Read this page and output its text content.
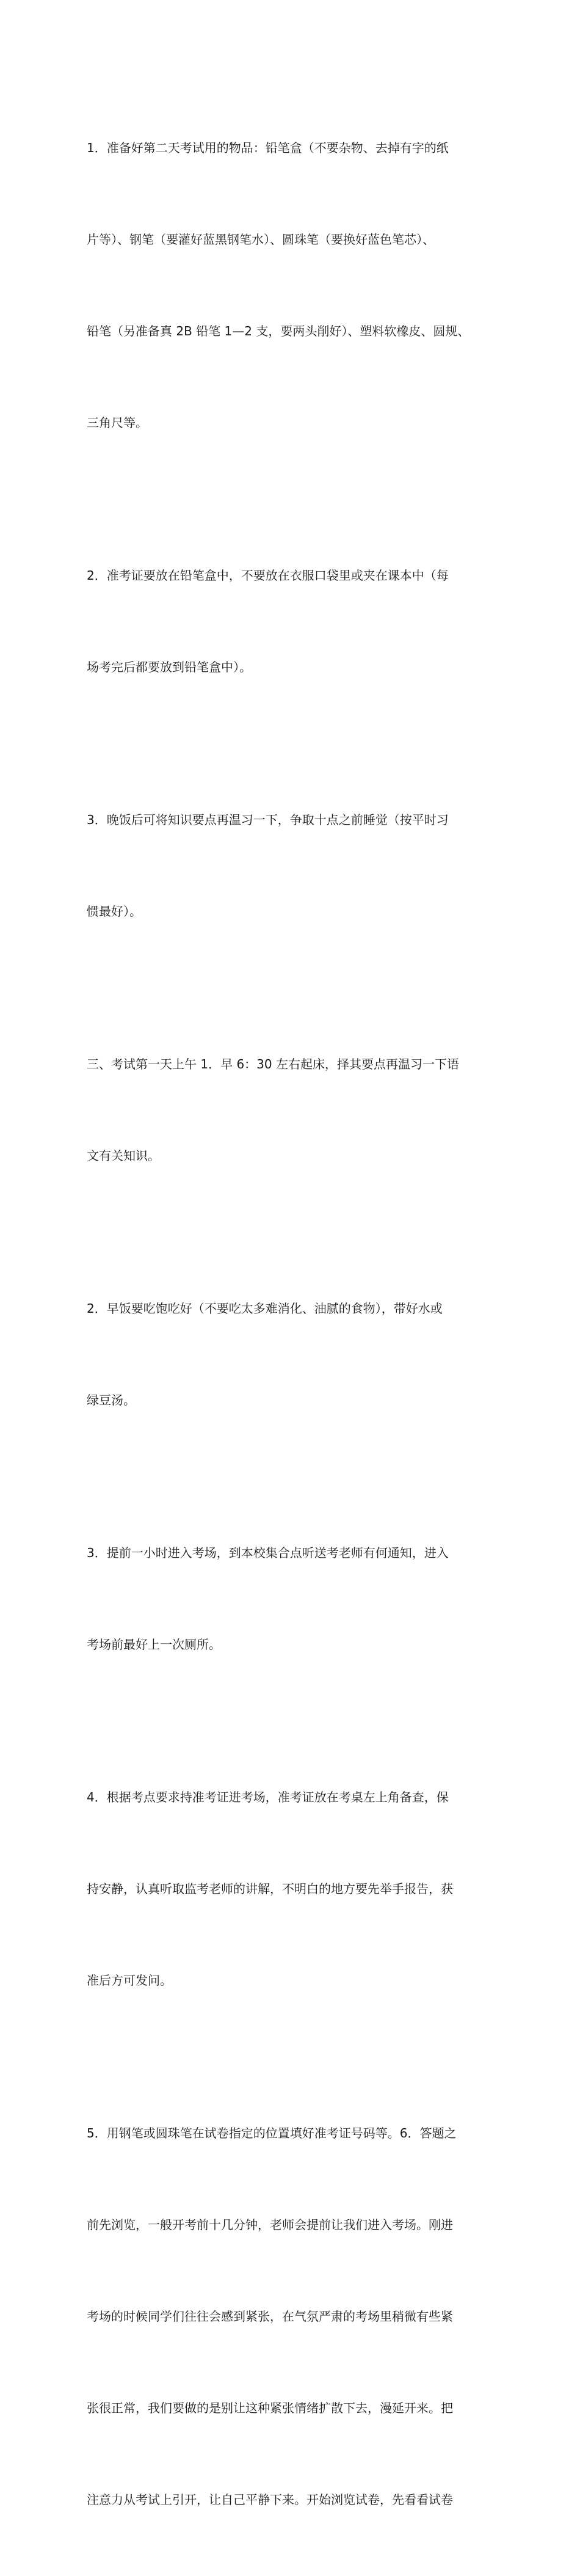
1．准备好第二天考试用的物品：铅笔盒（不要杂物、去掉有字的纸

片等）、钢笔（要灌好蓝黑钢笔水）、圆珠笔（要换好蓝色笔芯）、

铅笔（另准备真 2B 铅笔 1—2 支，要两头削好）、塑料软橡皮、圆规、

三角尺等。

2．准考证要放在铅笔盒中，不要放在衣服口袋里或夹在课本中（每

场考完后都要放到铅笔盒中）。

3．晚饭后可将知识要点再温习一下，争取十点之前睡觉（按平时习

惯最好）。

三、考试第一天上午 1．早 6：30 左右起床，择其要点再温习一下语

文有关知识。

2．早饭要吃饱吃好（不要吃太多难消化、油腻的食物），带好水或

绿豆汤。

3．提前一小时进入考场，到本校集合点听送考老师有何通知，进入

考场前最好上一次厕所。

4．根据考点要求持准考证进考场，准考证放在考桌左上角备查，保

持安静，认真听取监考老师的讲解，不明白的地方要先举手报告，获

准后方可发问。

5．用钢笔或圆珠笔在试卷指定的位置填好准考证号码等。6．答题之

前先浏览，一般开考前十几分钟，老师会提前让我们进入考场。刚进

考场的时候同学们往往会感到紧张，在气氛严肃的考场里稍微有些紧

张很正常，我们要做的是别让这种紧张情绪扩散下去，漫延开来。把

注意力从考试上引开，让自己平静下来。开始浏览试卷，先看看试卷
